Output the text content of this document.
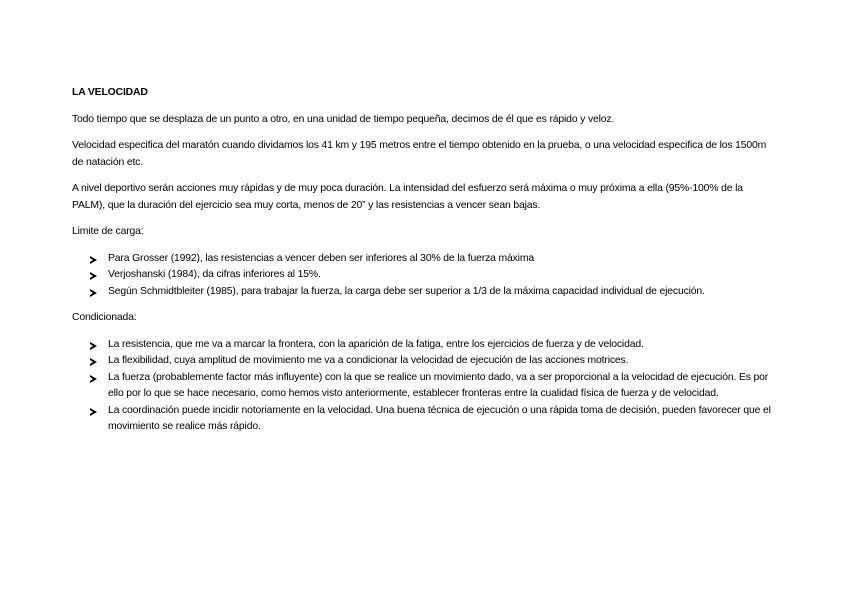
LA VELOCIDAD

Todo tiempo que se desplaza de un punto a otro, en una unidad de tiempo pequeña, decimos de él que es rápido y veloz.

Velocidad especifica del maratón cuando dividamos los 41 km y 195 metros entre el tiempo obtenido en la prueba, o una velocidad especifica de los 1500m de natación etc.

A nivel deportivo serán acciones muy rápidas y de muy poca duración. La intensidad del esfuerzo será máxima o muy próxima a ella (95%-100% de la PALM), que la duración del ejercicio sea muy corta, menos de 20” y las resistencias a vencer sean bajas.

Limite de carga:

Para Grosser (1992), las resistencias a vencer deben ser inferiores al 30% de la fuerza máxima
Verjoshanski (1984), da cifras inferiores al 15%.
Según Schmidtbleiter (1985), para trabajar la fuerza, la carga debe ser superior a 1/3 de la máxima capacidad individual de ejecución.

Condicionada:

La resistencia, que me va a marcar la frontera, con la aparición de la fatiga, entre los ejercicios de fuerza y de velocidad.
La flexibilidad, cuya amplitud de movimiento me va a condicionar la velocidad de ejecución de las acciones motrices.
La fuerza (probablemente factor más influyente) con la que se realice un movimiento dado, va a ser proporcional a la velocidad de ejecución. Es por ello por lo que se hace necesario, como hemos visto anteriormente, establecer fronteras entre la cualidad física de fuerza y de velocidad.
La coordinación puede incidir notoriamente en la velocidad. Una buena técnica de ejecución o una rápida toma de decisión, pueden favorecer que el movimiento se realice más rápido.
